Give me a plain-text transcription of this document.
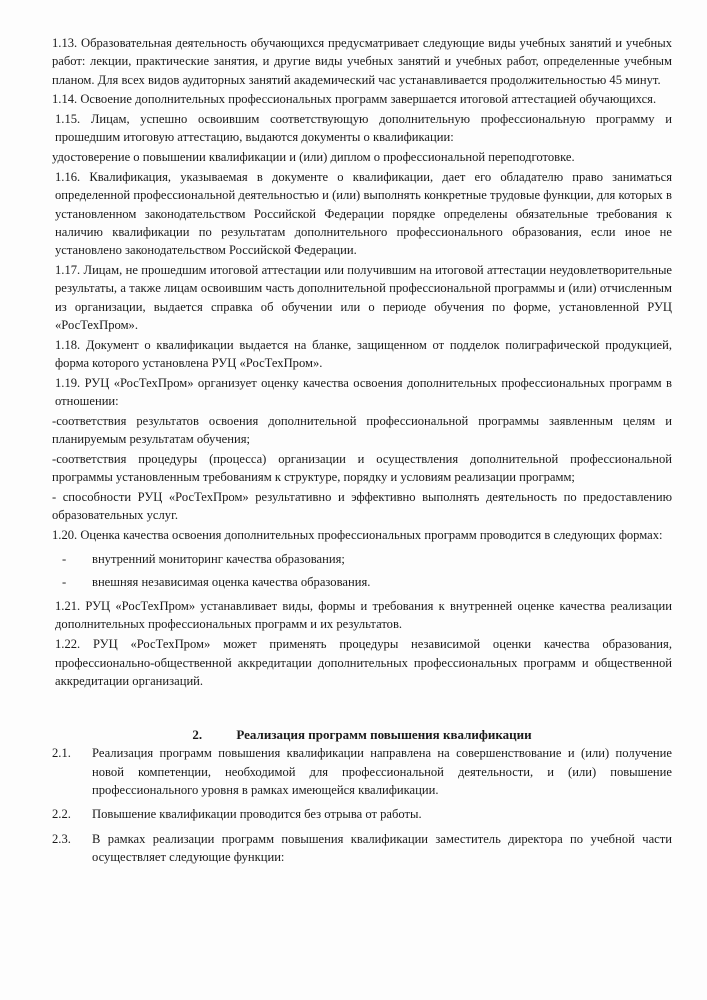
1.13. Образовательная деятельность обучающихся предусматривает следующие виды учебных занятий и учебных работ: лекции, практические занятия, и другие виды учебных занятий и учебных работ, определенные учебным планом. Для всех видов аудиторных занятий академический час устанавливается продолжительностью 45 минут.

1.14. Освоение дополнительных профессиональных программ завершается итоговой аттестацией обучающихся.

1.15. Лицам, успешно освоившим соответствующую дополнительную профессиональную программу и прошедшим итоговую аттестацию, выдаются документы о квалификации:

удостоверение о повышении квалификации и (или) диплом о профессиональной переподготовке.

1.16. Квалификация, указываемая в документе о квалификации, дает его обладателю право заниматься определенной профессиональной деятельностью и (или) выполнять конкретные трудовые функции, для которых в установленном законодательством Российской Федерации порядке определены обязательные требования к наличию квалификации по результатам дополнительного профессионального образования, если иное не установлено законодательством Российской Федерации.

1.17. Лицам, не прошедшим итоговой аттестации или получившим на итоговой аттестации неудовлетворительные результаты, а также лицам освоившим часть дополнительной профессиональной программы и (или) отчисленным из организации, выдается справка об обучении или о периоде обучения по форме, установленной РУЦ «РосТехПром».

1.18. Документ о квалификации выдается на бланке, защищенном от подделок полиграфической продукцией, форма которого установлена РУЦ «РосТехПром».

1.19. РУЦ «РосТехПром» организует оценку качества освоения дополнительных профессиональных программ в отношении:

-соответствия результатов освоения дополнительной профессиональной программы заявленным целям и планируемым результатам обучения;

-соответствия процедуры (процесса) организации и осуществления дополнительной профессиональной программы установленным требованиям к структуре, порядку и условиям реализации программ;

- способности РУЦ «РосТехПром» результативно и эффективно выполнять деятельность по предоставлению образовательных услуг.

1.20. Оценка качества освоения дополнительных профессиональных программ проводится в следующих формах:

-	внутренний мониторинг качества образования;
-	внешняя независимая оценка качества образования.

1.21. РУЦ «РосТехПром» устанавливает виды, формы и требования к внутренней оценке качества реализации дополнительных профессиональных программ и их результатов.

1.22. РУЦ «РосТехПром» может применять процедуры независимой оценки качества образования, профессионально-общественной аккредитации дополнительных профессиональных программ и общественной аккредитации организаций.

2.	Реализация программ повышения квалификации
2.1.	Реализация программ повышения квалификации направлена на совершенствование и (или) получение новой компетенции, необходимой для профессиональной деятельности, и (или) повышение профессионального уровня в рамках имеющейся квалификации.
2.2.	Повышение квалификации проводится без отрыва от работы.
2.3.	В рамках реализации программ повышения квалификации заместитель директора по учебной части осуществляет следующие функции:
